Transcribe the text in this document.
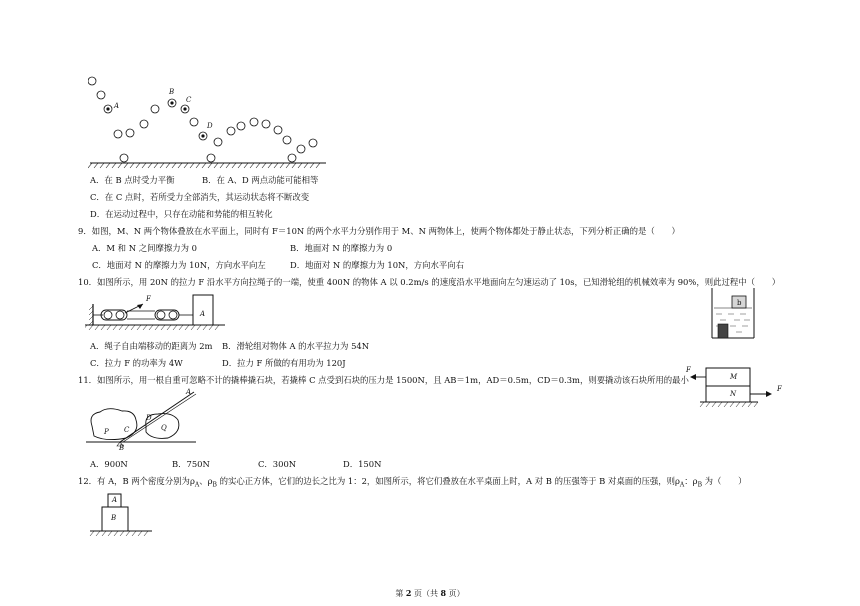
A
B
C
D
A．在 B 点时受力平衡	B．在 A、D 两点动能可能相等
C．在 C 点时，若所受力全部消失，其运动状态将不断改变
D．在运动过程中，只存在动能和势能的相互转化
9．如图，M、N 两个物体叠放在水平面上，同时有 F＝10N 的两个水平力分别作用于 M、N 两物体上，使两个物体都处于静止状态，下列分析正确的是（　　）
A．M 和 N 之间摩擦力为 0	B．地面对 N 的摩擦力为 0
C．地面对 N 的摩擦力为 10N，方向水平向左	D．地面对 N 的摩擦力为 10N，方向水平向右
10．如图所示，用 20N 的拉力 F 沿水平方向拉绳子的一端，使重 400N 的物体 A 以 0.2m/s 的速度沿水平地面向左匀速运动了 10s，已知滑轮组的机械效率为 90%，则此过程中（　　）
F
A
b
A．绳子自由端移动的距离为 2m B．滑轮组对物体 A 的水平拉力为 54N
C．拉力 F 的功率为 4W	D．拉力 F 所做的有用功为 120J
F
M
N
F
11．如图所示，用一根自重可忽略不计的撬棒撬石块，若撬棒 C 点受到石块的压力是 1500N，且 AB＝1m，AD＝0.5m，CD＝0.3m，则要撬动该石块所用的最小
A
B
C
D
P	Q
A．900N	B．750N	C．300N	D．150N
12．有 A，B 两个密度分别为$\rho_A$、$\rho_B$ 的实心正方体，它们的边长之比为 1：2，如图所示，将它们叠放在水平桌面上时，A 对 B 的压强等于 B 对桌面的压强，则$\rho_A$：$\rho_B$ 为（　　）
A
B
第 2 页（共 8 页）
